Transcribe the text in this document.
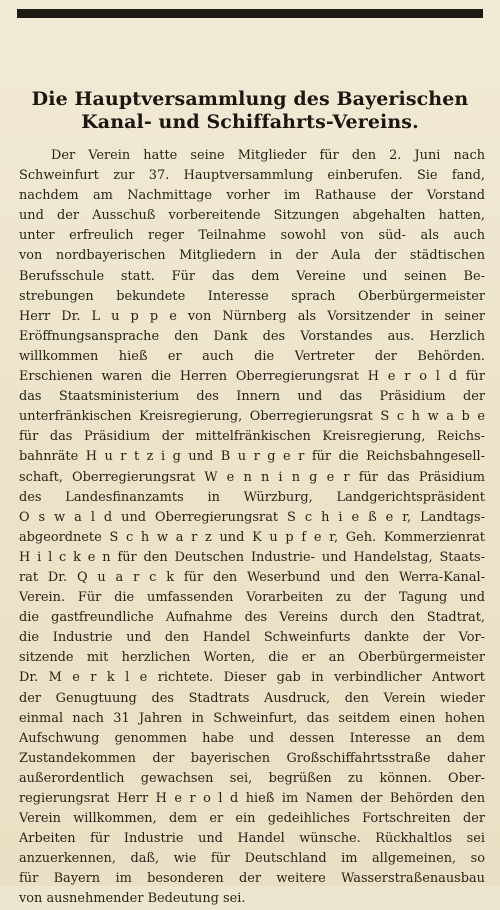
Die Hauptversammlung des Bayerischen
Kanal- und Schiffahrts-Vereins.
Der Verein hatte seine Mitglieder für den 2. Juni nach
Schweinfurt zur 37. Hauptversammlung einberufen. Sie fand,
nachdem am Nachmittage vorher im Rathause der Vorstand
und der Ausschuß vorbereitende Sitzungen abgehalten hatten,
unter erfreulich reger Teilnahme sowohl von süd- als auch
von nordbayerischen Mitgliedern in der Aula der städtischen
Berufsschule statt. Für das dem Vereine und seinen Be-
strebungen bekundete Interesse sprach Oberbürgermeister
Herr Dr. L u p p e von Nürnberg als Vorsitzender in seiner
Eröffnungsansprache den Dank des Vorstandes aus. Herzlich
willkommen hieß er auch die Vertreter der Behörden.
Erschienen waren die Herren Oberregierungsrat H e r o l d für
das Staatsministerium des Innern und das Präsidium der
unterfränkischen Kreisregierung, Oberregierungsrat S c h w a b e
für das Präsidium der mittelfränkischen Kreisregierung, Reichs-
bahnräte H u r t z i g und B u r g e r für die Reichsbahngesell-
schaft, Oberregierungsrat W e n n i n g e r für das Präsidium
des Landesfinanzamts in Würzburg, Landgerichtspräsident
O s w a l d und Oberregierungsrat S c h i e ß e r, Landtags-
abgeordnete S c h w a r z und K u p f e r, Geh. Kommerzienrat
H i l c k e n für den Deutschen Industrie- und Handelstag, Staats-
rat Dr. Q u a r c k für den Weserbund und den Werra-Kanal-
Verein. Für die umfassenden Vorarbeiten zu der Tagung und
die gastfreundliche Aufnahme des Vereins durch den Stadtrat,
die Industrie und den Handel Schweinfurts dankte der Vor-
sitzende mit herzlichen Worten, die er an Oberbürgermeister
Dr. M e r k l e richtete. Dieser gab in verbindlicher Antwort
der Genugtuung des Stadtrats Ausdruck, den Verein wieder
einmal nach 31 Jahren in Schweinfurt, das seitdem einen hohen
Aufschwung genommen habe und dessen Interesse an dem
Zustandekommen der bayerischen Großschiffahrtsstraße daher
außerordentlich gewachsen sei, begrüßen zu können. Ober-
regierungsrat Herr H e r o l d hieß im Namen der Behörden den
Verein willkommen, dem er ein gedeihliches Fortschreiten der
Arbeiten für Industrie und Handel wünsche. Rückhaltlos sei
anzuerkennen, daß, wie für Deutschland im allgemeinen, so
für Bayern im besonderen der weitere Wasserstraßenausbau
von ausnehmender Bedeutung sei.
